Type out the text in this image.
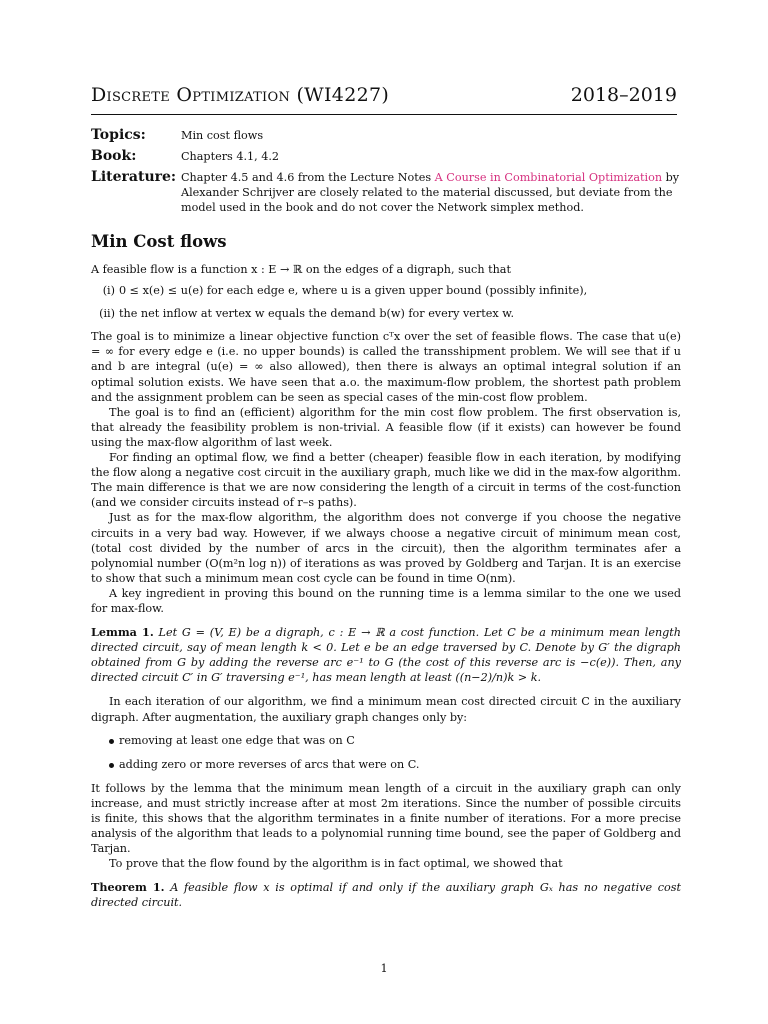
Discrete Optimization (WI4227)	2018–2019
Topics:	Min cost flows
Book:	Chapters 4.1, 4.2
Literature: Chapter 4.5 and 4.6 from the Lecture Notes A Course in Combinatorial Optimization by Alexander Schrijver are closely related to the material discussed, but deviate from the model used in the book and do not cover the Network simplex method.
Min Cost flows

A feasible flow is a function x : E → ℝ on the edges of a digraph, such that

(i) 0 ≤ x(e) ≤ u(e) for each edge e, where u is a given upper bound (possibly infinite),
(ii) the net inflow at vertex w equals the demand b(w) for every vertex w.

The goal is to minimize a linear objective function cᵀx over the set of feasible flows. The case that u(e) = ∞ for every edge e (i.e. no upper bounds) is called the transshipment problem. We will see that if u and b are integral (u(e) = ∞ also allowed), then there is always an optimal integral solution if an optimal solution exists. We have seen that a.o. the maximum-flow problem, the shortest path problem and the assignment problem can be seen as special cases of the min-cost flow problem.

The goal is to find an (efficient) algorithm for the min cost flow problem. The first observation is, that already the feasibility problem is non-trivial. A feasible flow (if it exists) can however be found using the max-flow algorithm of last week.

For finding an optimal flow, we find a better (cheaper) feasible flow in each iteration, by modifying the flow along a negative cost circuit in the auxiliary graph, much like we did in the max-fow algorithm. The main difference is that we are now considering the length of a circuit in terms of the cost-function (and we consider circuits instead of r–s paths).

Just as for the max-flow algorithm, the algorithm does not converge if you choose the negative circuits in a very bad way. However, if we always choose a negative circuit of minimum mean cost, (total cost divided by the number of arcs in the circuit), then the algorithm terminates afer a polynomial number (O(m²n log n)) of iterations as was proved by Goldberg and Tarjan. It is an exercise to show that such a minimum mean cost cycle can be found in time O(nm).

A key ingredient in proving this bound on the running time is a lemma similar to the one we used for max-flow.

Lemma 1. Let G = (V, E) be a digraph, c : E → ℝ a cost function. Let C be a minimum mean length directed circuit, say of mean length k < 0. Let e be an edge traversed by C. Denote by G′ the digraph obtained from G by adding the reverse arc e⁻¹ to G (the cost of this reverse arc is −c(e)). Then, any directed circuit C′ in G′ traversing e⁻¹, has mean length at least ((n−2)/n)k > k.

In each iteration of our algorithm, we find a minimum mean cost directed circuit C in the auxiliary digraph. After augmentation, the auxiliary graph changes only by:

removing at least one edge that was on C
adding zero or more reverses of arcs that were on C.

It follows by the lemma that the minimum mean length of a circuit in the auxiliary graph can only increase, and must strictly increase after at most 2m iterations. Since the number of possible circuits is finite, this shows that the algorithm terminates in a finite number of iterations. For a more precise analysis of the algorithm that leads to a polynomial running time bound, see the paper of Goldberg and Tarjan.

To prove that the flow found by the algorithm is in fact optimal, we showed that

Theorem 1. A feasible flow x is optimal if and only if the auxiliary graph Gₓ has no negative cost directed circuit.

1
